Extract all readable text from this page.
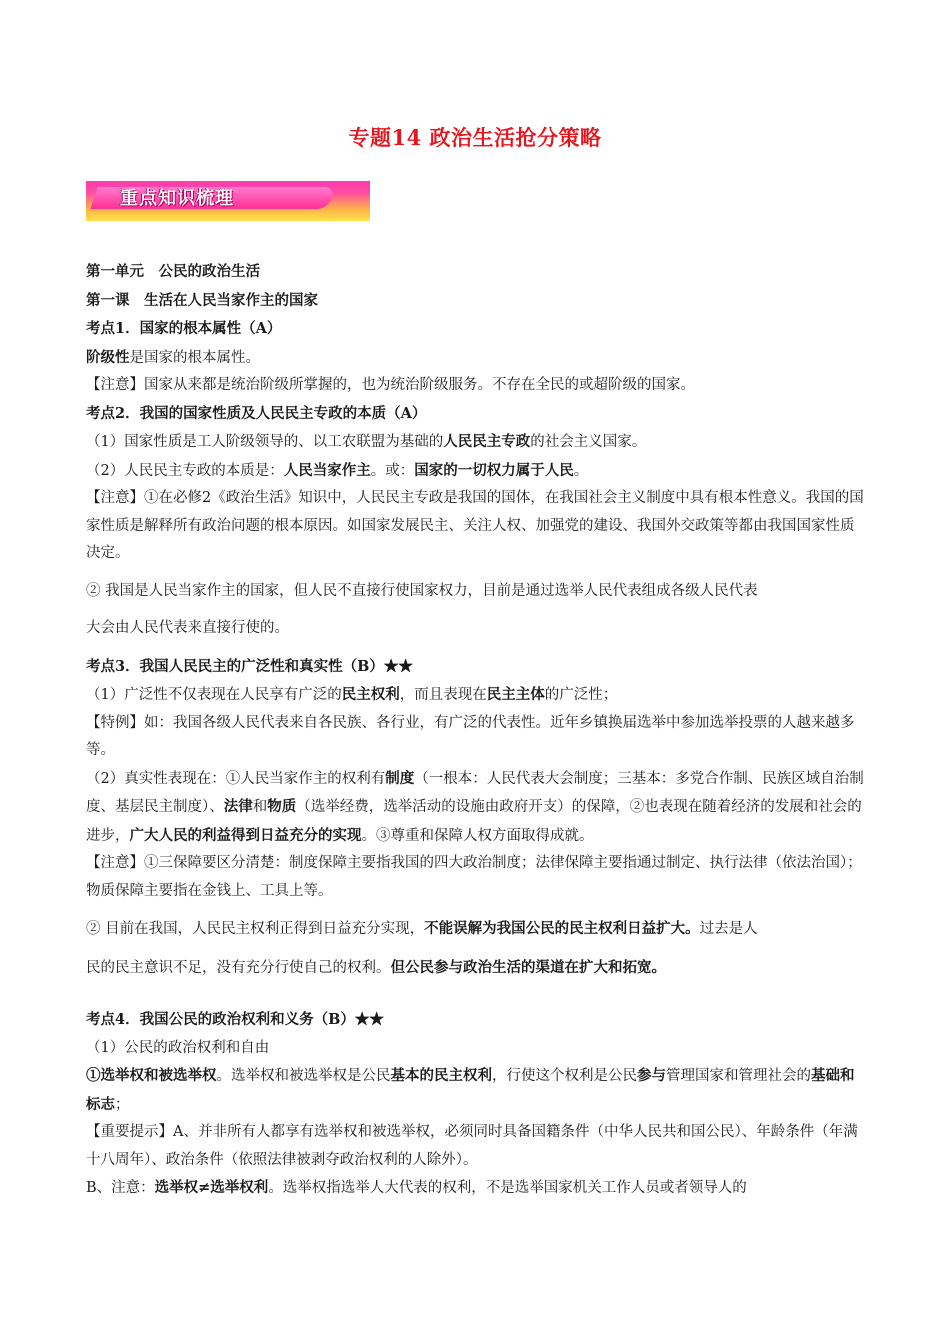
专题14 政治生活抢分策略
重点知识梳理

第一单元　公民的政治生活

第一课　生活在人民当家作主的国家

考点1．国家的根本属性（A）

阶级性是国家的根本属性。

【注意】国家从来都是统治阶级所掌握的，也为统治阶级服务。不存在全民的或超阶级的国家。

考点2．我国的国家性质及人民民主专政的本质（A）

（1）国家性质是工人阶级领导的、以工农联盟为基础的人民民主专政的社会主义国家。

（2）人民民主专政的本质是：人民当家作主。或：国家的一切权力属于人民。

【注意】①在必修2《政治生活》知识中，人民民主专政是我国的国体，在我国社会主义制度中具有根本性意义。我国的国家性质是解释所有政治问题的根本原因。如国家发展民主、关注人权、加强党的建设、我国外交政策等都由我国国家性质决定。

② 我国是人民当家作主的国家，但人民不直接行使国家权力，目前是通过选举人民代表组成各级人民代表

大会由人民代表来直接行使的。

考点3．我国人民民主的广泛性和真实性（B）★★

（1）广泛性不仅表现在人民享有广泛的民主权利，而且表现在民主主体的广泛性；

【特例】如：我国各级人民代表来自各民族、各行业，有广泛的代表性。近年乡镇换届选举中参加选举投票的人越来越多等。

（2）真实性表现在：①人民当家作主的权利有制度（一根本：人民代表大会制度；三基本：多党合作制、民族区域自治制度、基层民主制度）、法律和物质（选举经费，选举活动的设施由政府开支）的保障，②也表现在随着经济的发展和社会的进步，广大人民的利益得到日益充分的实现。③尊重和保障人权方面取得成就。

【注意】①三保障要区分清楚：制度保障主要指我国的四大政治制度；法律保障主要指通过制定、执行法律（依法治国）；物质保障主要指在金钱上、工具上等。

② 目前在我国，人民民主权利正得到日益充分实现，不能误解为我国公民的民主权利日益扩大。过去是人

民的民主意识不足，没有充分行使自己的权利。但公民参与政治生活的渠道在扩大和拓宽。

考点4．我国公民的政治权利和义务（B）★★

（1）公民的政治权利和自由

①选举权和被选举权。选举权和被选举权是公民基本的民主权利，行使这个权利是公民参与管理国家和管理社会的基础和标志；

【重要提示】A、并非所有人都享有选举权和被选举权，必须同时具备国籍条件（中华人民共和国公民）、年龄条件（年满十八周年）、政治条件（依照法律被剥夺政治权利的人除外）。

B、注意：选举权≠选举权利。选举权指选举人大代表的权利，不是选举国家机关工作人员或者领导人的
